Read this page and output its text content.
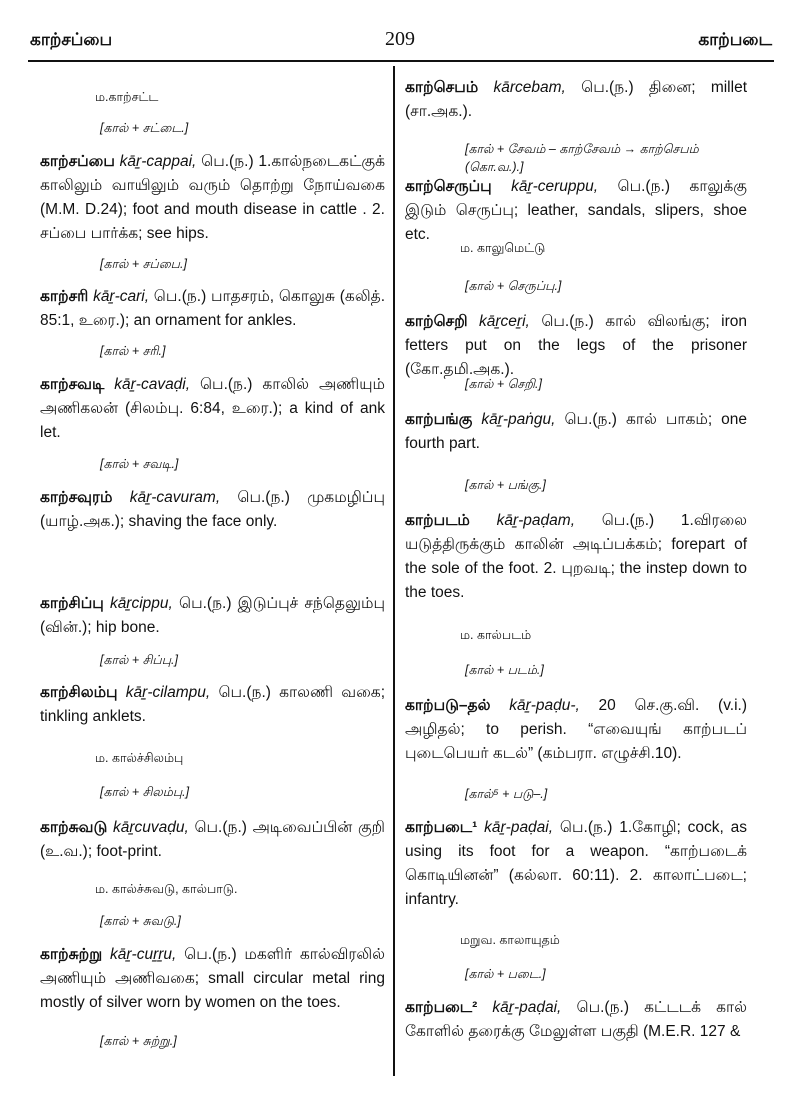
காற்சப்பை	209	காற்படை
ம.காற்சட்ட
[கால் + சட்டை.]
காற்சப்பை kāṟ-cappai, பெ.(ந.) 1.கால்நடைகட்குக் காலிலும் வாயிலும் வரும் தொற்று நோய்வகை (M.M. D.24); foot and mouth disease in cattle . 2. சப்பை பார்க்க; see hips.
[கால் + சப்பை.]
காற்சரி kāṟ-cari, பெ.(ந.) பாதசரம், கொலுசு (கலித். 85:1, உரை.); an ornament for ankles.
[கால் + சரி.]
காற்சவடி kāṟ-cavaḍi, பெ.(ந.) காலில் அணியும் அணிகலன் (சிலம்பு. 6:84, உரை.); a kind of ank let.
[கால் + சவடி.]
காற்சவுரம் kāṟ-cavuram, பெ.(ந.) முகமழிப்பு (யாழ்.அக.); shaving the face only.
காற்சிப்பு kāṟcippu, பெ.(ந.) இடுப்புச் சந்தெலும்பு (வின்.); hip bone.
[கால் + சிப்பு.]
காற்சிலம்பு kāṟ-cilampu, பெ.(ந.) காலணி வகை; tinkling anklets.
ம. கால்ச்சிலம்பு
[கால் + சிலம்பு.]
காற்சுவடு kāṟcuvaḍu, பெ.(ந.) அடிவைப்பின் குறி (உ.வ.); foot-print.
ம. கால்ச்சுவடு, கால்பாடு.
[கால் + சுவடு.]
காற்சுற்று kāṟ-cuṟṟu, பெ.(ந.) மகளிர் கால்விரலில் அணியும் அணிவகை; small circular metal ring mostly of silver worn by women on the toes.
[கால் + சுற்று.]
காற்செபம் kārcebam, பெ.(ந.) தினை; millet (சா.அக.).
[கால் + சேவம் – காற்சேவம் → காற்செபம் (கொ.வ.).]
காற்செருப்பு kāṟ-ceruppu, பெ.(ந.) காலுக்கு இடும் செருப்பு; leather, sandals, slipers, shoe etc.
ம. காலுமெட்டு
[கால் + செருப்பு.]
காற்செறி kāṟceṟi, பெ.(ந.) கால் விலங்கு; iron fetters put on the legs of the prisoner (கோ.தமி.அக.).
[கால் + செறி.]
காற்பங்கு kāṟ-paṅgu, பெ.(ந.) கால் பாகம்; one fourth part.
[கால் + பங்கு.]
காற்படம் kāṟ-paḍam, பெ.(ந.) 1.விரலை யடுத்திருக்கும் காலின் அடிப்பக்கம்; forepart of the sole of the foot. 2. புறவடி; the instep down to the toes.
ம. கால்படம்
[கால் + படம்.]
காற்படு–தல் kāṟ-paḍu-, 20 செ.கு.வி. (v.i.) அழிதல்; to perish. “எவையுங் காற்படப் புடைபெயர் கடல்” (கம்பரா. எழுச்சி.10).
[கால்⁵ + படு–.]
காற்படை¹ kāṟ-paḍai, பெ.(ந.) 1.கோழி; cock, as using its foot for a weapon. “காற்படைக் கொடியினன்” (கல்லா. 60:11). 2. காலாட்படை; infantry.
மறுவ. காலாயுதம்
[கால் + படை.]
காற்படை² kāṟ-paḍai, பெ.(ந.) கட்டடக் கால் கோளில் தரைக்கு மேலுள்ள பகுதி (M.E.R. 127 &
